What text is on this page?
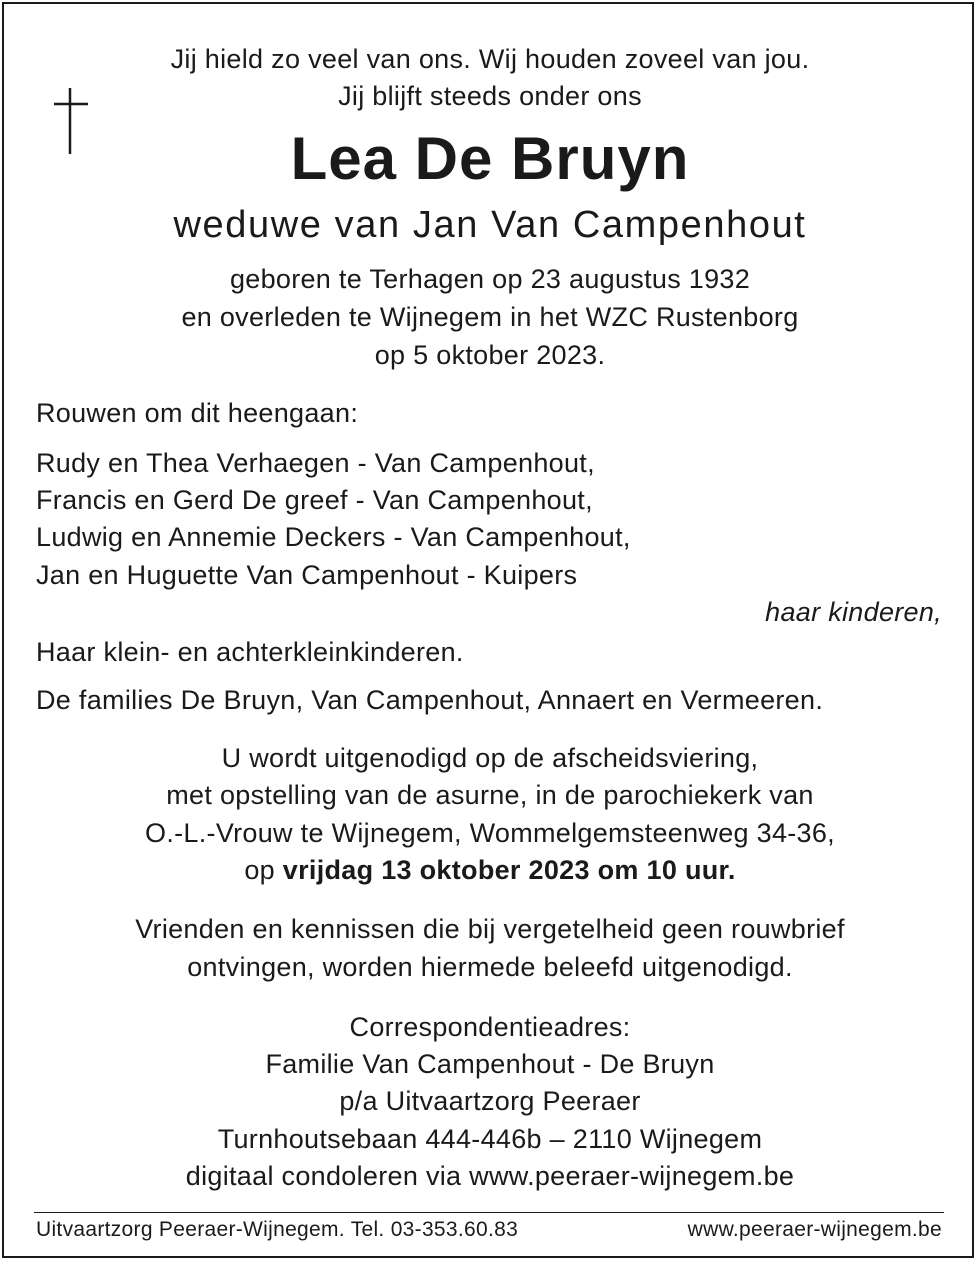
Jij hield zo veel van ons. Wij houden zoveel van jou.
Jij blijft steeds onder ons
Lea De Bruyn
weduwe van Jan Van Campenhout
geboren te Terhagen op 23 augustus 1932
en overleden te Wijnegem in het WZC Rustenborg
op 5 oktober 2023.
Rouwen om dit heengaan:
Rudy en Thea Verhaegen - Van Campenhout,
Francis en Gerd De greef - Van Campenhout,
Ludwig en Annemie Deckers - Van Campenhout,
Jan en Huguette Van Campenhout - Kuipers
haar kinderen,
Haar klein- en achterkleinkinderen.
De families De Bruyn, Van Campenhout, Annaert en Vermeeren.
U wordt uitgenodigd op de afscheidsviering,
met opstelling van de asurne, in de parochiekerk van
O.-L.-Vrouw te Wijnegem, Wommelgemsteenweg 34-36,
op vrijdag 13 oktober 2023 om 10 uur.
Vrienden en kennissen die bij vergetelheid geen rouwbrief
ontvingen, worden hiermede beleefd uitgenodigd.
Correspondentieadres:
Familie Van Campenhout - De Bruyn
p/a Uitvaartzorg Peeraer
Turnhoutsebaan 444-446b – 2110 Wijnegem
digitaal condoleren via www.peeraer-wijnegem.be
Uitvaartzorg Peeraer-Wijnegem. Tel. 03-353.60.83	www.peeraer-wijnegem.be
